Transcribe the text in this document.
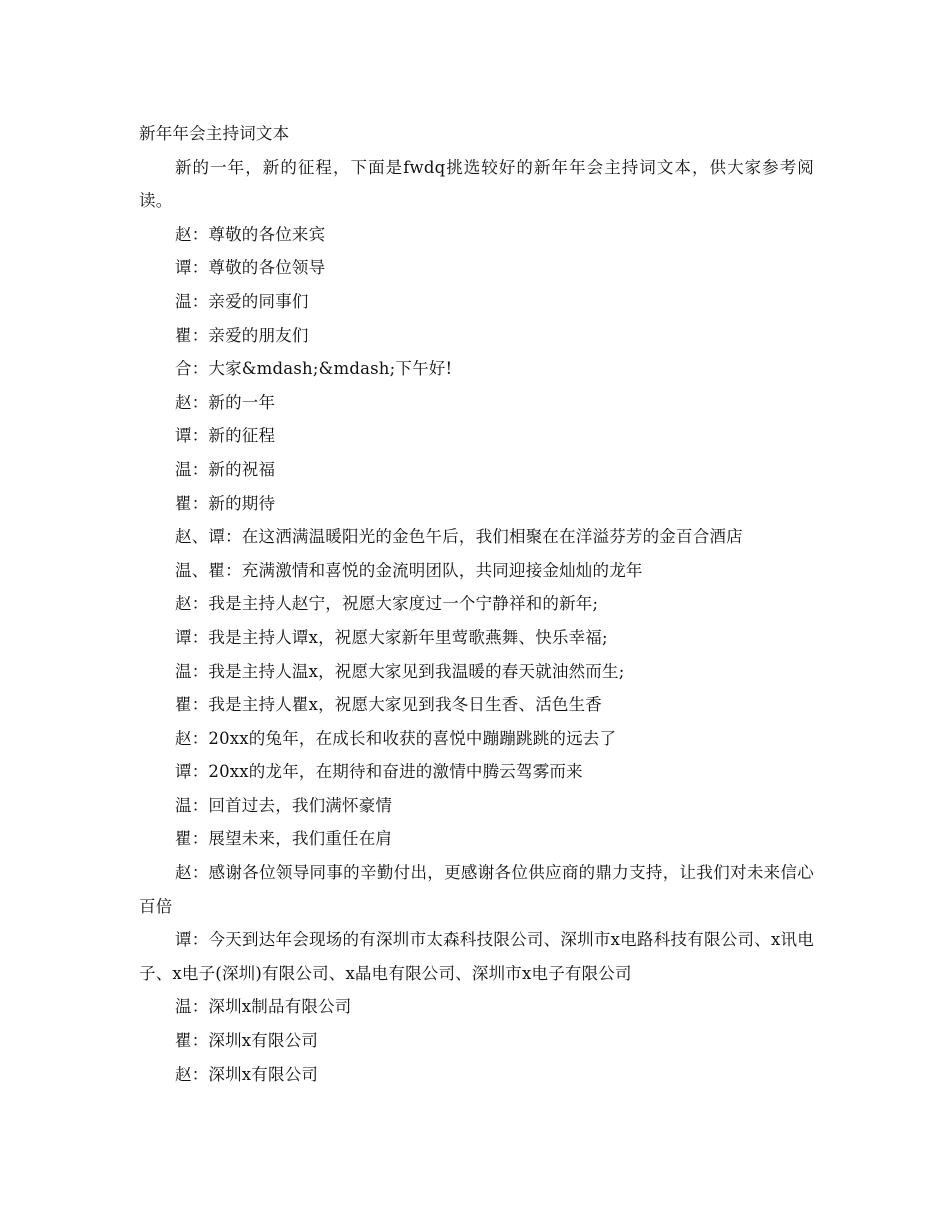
新年年会主持词文本

新的一年，新的征程，下面是fwdq挑选较好的新年年会主持词文本，供大家参考阅读。

赵：尊敬的各位来宾

谭：尊敬的各位领导

温：亲爱的同事们

瞿：亲爱的朋友们

合：大家&mdash;&mdash;下午好!

赵：新的一年

谭：新的征程

温：新的祝福

瞿：新的期待

赵、谭：在这洒满温暖阳光的金色午后，我们相聚在在洋溢芬芳的金百合酒店

温、瞿：充满激情和喜悦的金流明团队，共同迎接金灿灿的龙年

赵：我是主持人赵宁，祝愿大家度过一个宁静祥和的新年;

谭：我是主持人谭x，祝愿大家新年里莺歌燕舞、快乐幸福;

温：我是主持人温x，祝愿大家见到我温暖的春天就油然而生;

瞿：我是主持人瞿x，祝愿大家见到我冬日生香、活色生香

赵：20xx的兔年，在成长和收获的喜悦中蹦蹦跳跳的远去了

谭：20xx的龙年，在期待和奋进的激情中腾云驾雾而来

温：回首过去，我们满怀豪情

瞿：展望未来，我们重任在肩

赵：感谢各位领导同事的辛勤付出，更感谢各位供应商的鼎力支持，让我们对未来信心百倍

谭：今天到达年会现场的有深圳市太森科技限公司、深圳市x电路科技有限公司、x讯电子、x电子(深圳)有限公司、x晶电有限公司、深圳市x电子有限公司

温：深圳x制品有限公司

瞿：深圳x有限公司

赵：深圳x有限公司
